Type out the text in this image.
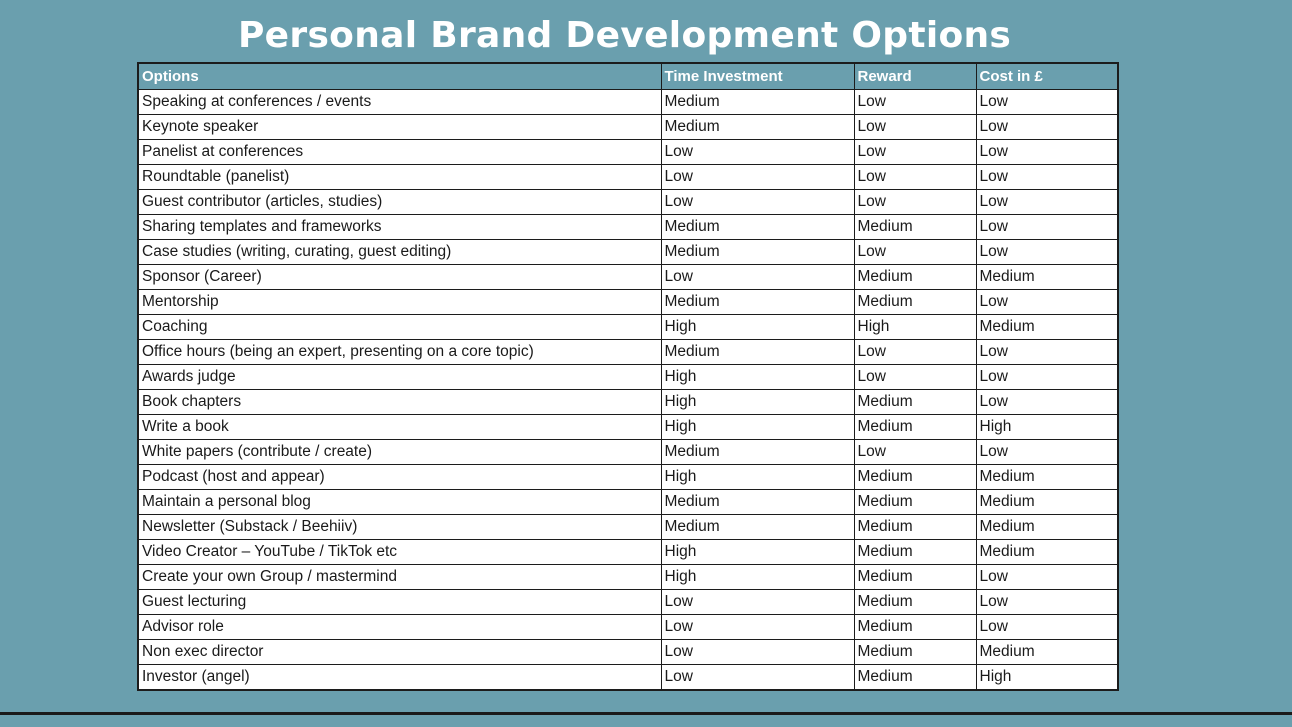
Personal Brand Development Options
Options	Time Investment	Reward	Cost in £
Speaking at conferences / events	Medium	Low	Low
Keynote speaker	Medium	Low	Low
Panelist at conferences	Low	Low	Low
Roundtable (panelist)	Low	Low	Low
Guest contributor (articles, studies)	Low	Low	Low
Sharing templates and frameworks	Medium	Medium	Low
Case studies (writing, curating, guest editing)	Medium	Low	Low
Sponsor (Career)	Low	Medium	Medium
Mentorship	Medium	Medium	Low
Coaching	High	High	Medium
Office hours (being an expert, presenting on a core topic)	Medium	Low	Low
Awards judge	High	Low	Low
Book chapters	High	Medium	Low
Write a book	High	Medium	High
White papers (contribute / create)	Medium	Low	Low
Podcast (host and appear)	High	Medium	Medium
Maintain a personal blog	Medium	Medium	Medium
Newsletter (Substack / Beehiiv)	Medium	Medium	Medium
Video Creator – YouTube / TikTok etc	High	Medium	Medium
Create your own Group / mastermind	High	Medium	Low
Guest lecturing	Low	Medium	Low
Advisor role	Low	Medium	Low
Non exec director	Low	Medium	Medium
Investor (angel)	Low	Medium	High
